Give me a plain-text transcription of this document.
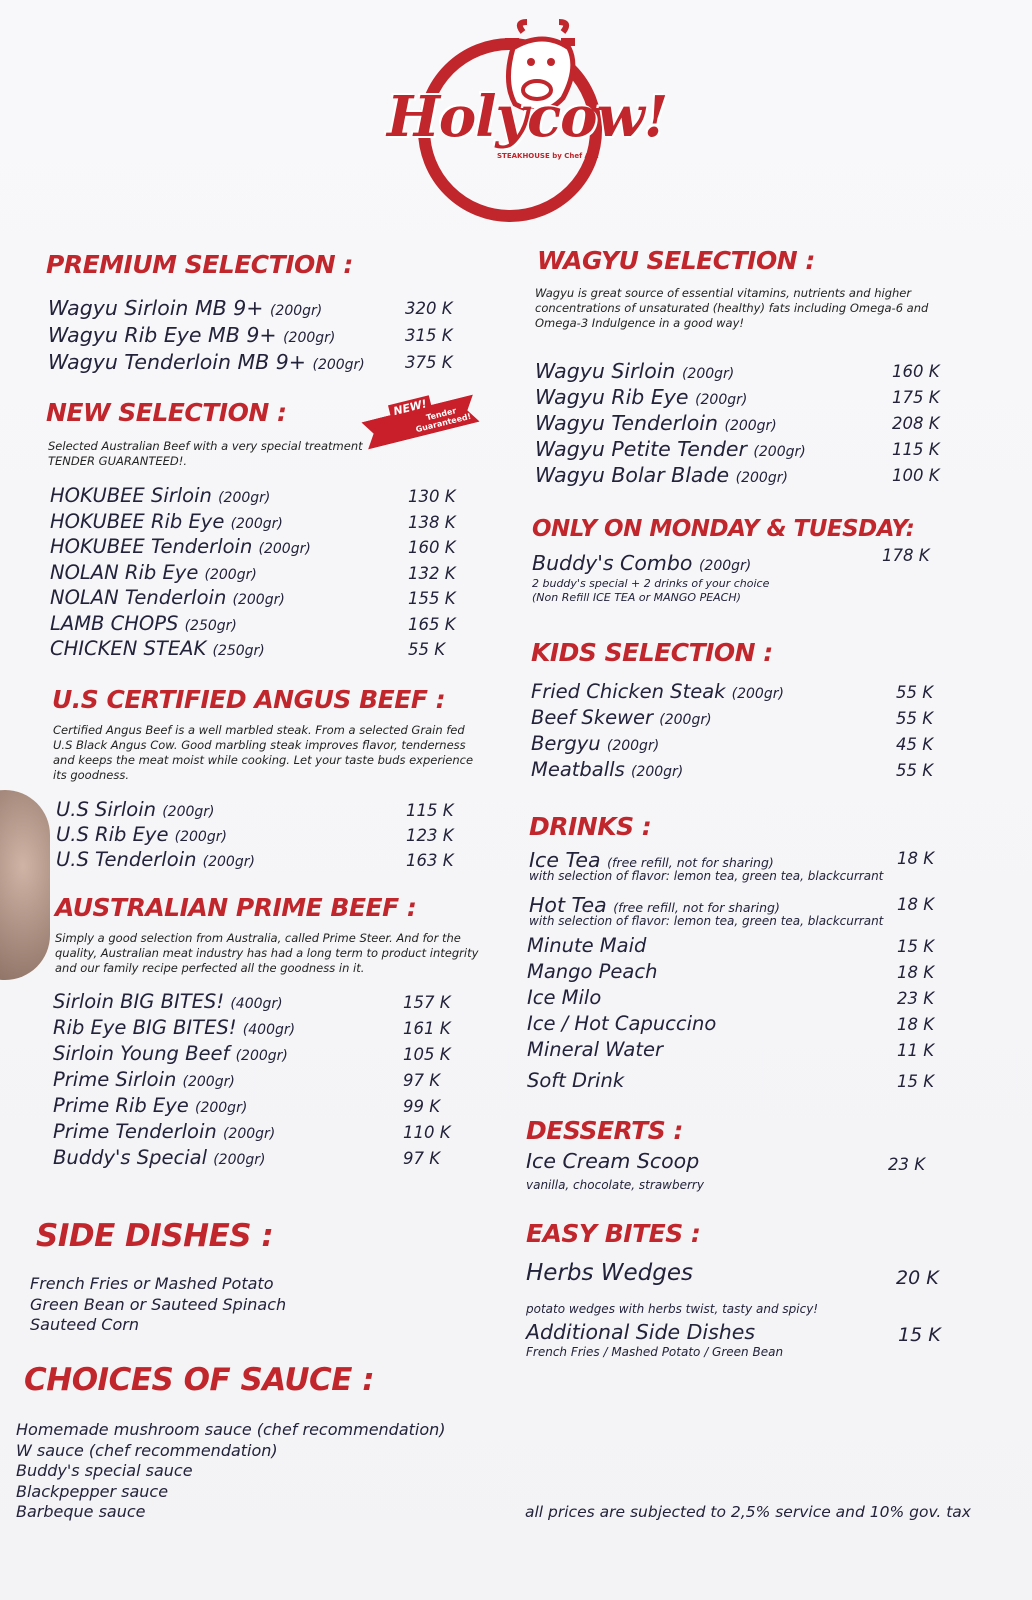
Holycow!
STEAKHOUSE by Chef Afit
PREMIUM SELECTION :
Wagyu Sirloin MB 9+ (200gr)	320 K
Wagyu Rib Eye MB 9+ (200gr)	315 K
Wagyu Tenderloin MB 9+ (200gr) 375 K
NEW SELECTION :	NEW!
Tender Guaranteed!
Selected Australian Beef with a very special treatment
TENDER GUARANTEED!.
HOKUBEE Sirloin (200gr)	130 K
HOKUBEE Rib Eye (200gr)	138 K
HOKUBEE Tenderloin (200gr)	160 K
NOLAN Rib Eye (200gr)	132 K
NOLAN Tenderloin (200gr)	155 K
LAMB CHOPS (250gr)	165 K
CHICKEN STEAK (250gr)	55 K
U.S CERTIFIED ANGUS BEEF :
Certified Angus Beef is a well marbled steak. From a selected Grain fed
U.S Black Angus Cow. Good marbling steak improves flavor, tenderness
and keeps the meat moist while cooking. Let your taste buds experience
its goodness.
U.S Sirloin (200gr)	115 K
U.S Rib Eye (200gr)	123 K
U.S Tenderloin (200gr)	163 K
AUSTRALIAN PRIME BEEF :
Simply a good selection from Australia, called Prime Steer. And for the
quality, Australian meat industry has had a long term to product integrity
and our family recipe perfected all the goodness in it.
Sirloin BIG BITES! (400gr)	157 K
Rib Eye BIG BITES! (400gr)	161 K
Sirloin Young Beef (200gr)	105 K
Prime Sirloin (200gr)	97 K
Prime Rib Eye (200gr)	99 K
Prime Tenderloin (200gr)	110 K
Buddy's Special (200gr)	97 K
SIDE DISHES :
French Fries or Mashed Potato
Green Bean or Sauteed Spinach
Sauteed Corn
CHOICES OF SAUCE :
Homemade mushroom sauce (chef recommendation)
W sauce (chef recommendation)
Buddy's special sauce
Blackpepper sauce
Barbeque sauce
WAGYU SELECTION :
Wagyu is great source of essential vitamins, nutrients and higher
concentrations of unsaturated (healthy) fats including Omega-6 and
Omega-3 Indulgence in a good way!
Wagyu Sirloin (200gr)	160 K
Wagyu Rib Eye (200gr)	175 K
Wagyu Tenderloin (200gr)	208 K
Wagyu Petite Tender (200gr)	115 K
Wagyu Bolar Blade (200gr)	100 K
ONLY ON MONDAY & TUESDAY:
Buddy's Combo (200gr)
178 K
2 buddy's special + 2 drinks of your choice
(Non Refill ICE TEA or MANGO PEACH)
KIDS SELECTION :
Fried Chicken Steak (200gr)	55 K
Beef Skewer (200gr)	55 K
Bergyu (200gr)	45 K
Meatballs (200gr)	55 K
DRINKS :
Ice Tea (free refill, not for sharing)
with selection of flavor: lemon tea, green tea, blackcurrant
18 K
Hot Tea (free refill, not for sharing)
with selection of flavor: lemon tea, green tea, blackcurrant
18 K
Minute Maid	15 K
Mango Peach	18 K
Ice Milo	23 K
Ice / Hot Capuccino	18 K
Mineral Water	11 K
Soft Drink	15 K
DESSERTS :
Ice Cream Scoop	23 K
vanilla, chocolate, strawberry
EASY BITES :
Herbs Wedges	20 K
potato wedges with herbs twist, tasty and spicy!
Additional Side Dishes	15 K
French Fries / Mashed Potato / Green Bean
all prices are subjected to 2,5% service and 10% gov. tax
